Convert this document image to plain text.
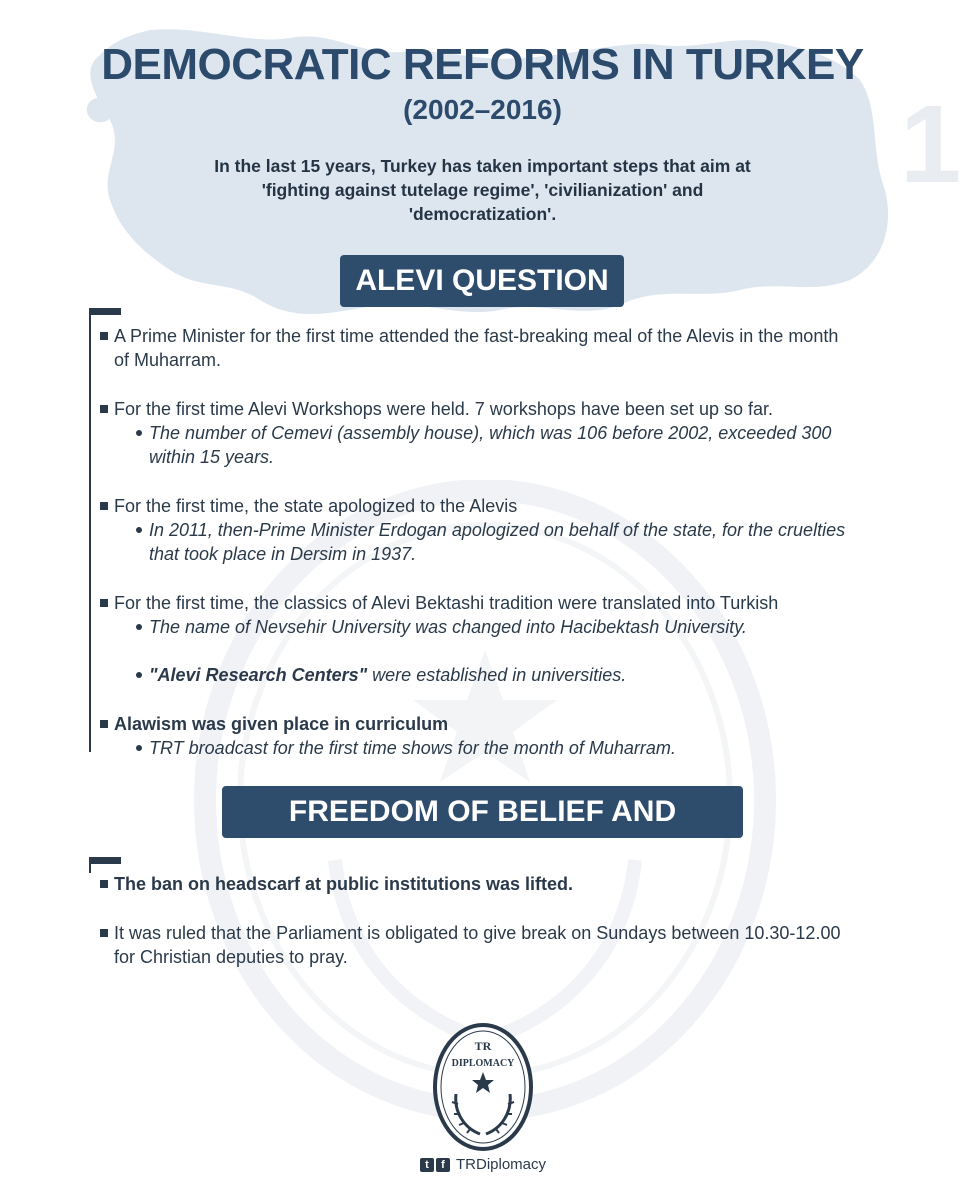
1
DEMOCRATIC REFORMS IN TURKEY
(2002–2016)
In the last 15 years, Turkey has taken important steps that aim at 'fighting against tutelage regime', 'civilianization' and 'democratization'.
ALEVI QUESTION
A Prime Minister for the first time attended the fast-breaking meal of the Alevis in the month of Muharram.
For the first time Alevi Workshops were held. 7 workshops have been set up so far.
The number of Cemevi (assembly house), which was 106 before 2002, exceeded 300 within 15 years.
For the first time, the state apologized to the Alevis
In 2011, then-Prime Minister Erdogan apologized on behalf of the state, for the cruelties that took place in Dersim in 1937.
For the first time, the classics of Alevi Bektashi tradition were translated into Turkish
The name of Nevsehir University was changed into Hacibektash University.
"Alevi Research Centers" were established in universities.
Alawism was given place in curriculum
TRT broadcast for the first time shows for the month of Muharram.
FREEDOM OF BELIEF AND WORSHIP
The ban on headscarf at public institutions was lifted.
It was ruled that the Parliament is obligated to give break on Sundays between 10.30-12.00 for Christian deputies to pray.
TR
DIPLOMACY
t	f TRDiplomacy
